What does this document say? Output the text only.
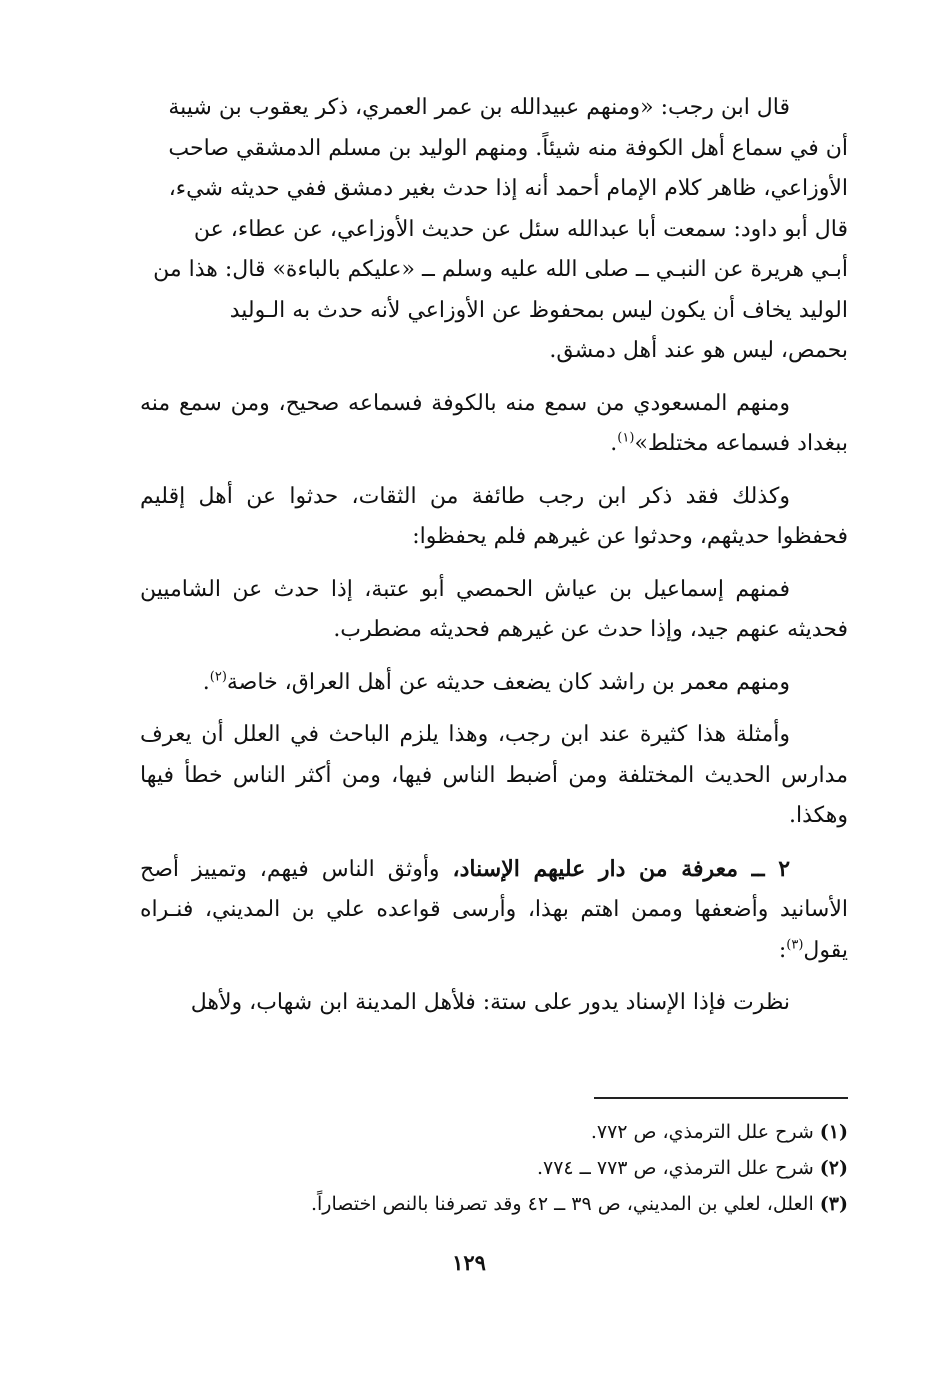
قال ابن رجب: «ومنهم عبيدالله بن عمر العمري، ذكر يعقوب بن شيبة
أن في سماع أهل الكوفة منه شيئاً. ومنهم الوليد بن مسلم الدمشقي صاحب
الأوزاعي، ظاهر كلام الإمام أحمد أنه إذا حدث بغير دمشق ففي حديثه شيء،
قال أبو داود: سمعت أبا عبدالله سئل عن حديث الأوزاعي، عن عطاء، عن
أبـي هريرة عن النبـي ــ صلى الله عليه وسلم ــ «عليكم بالباءة» قال: هذا من
الوليد يخاف أن يكون ليس بمحفوظ عن الأوزاعي لأنه حدث به الـوليد
بحمص، ليس هو عند أهل دمشق.

ومنهم المسعودي من سمع منه بالكوفة فسماعه صحيح، ومن سمع منه ببغداد فسماعه مختلط»$^{(١)}$.

وكذلك فقد ذكر ابن رجب طائفة من الثقات، حدثوا عن أهل إقليم فحفظوا حديثهم، وحدثوا عن غيرهم فلم يحفظوا:

فمنهم إسماعيل بن عياش الحمصي أبو عتبة، إذا حدث عن الشاميين فحديثه عنهم جيد، وإذا حدث عن غيرهم فحديثه مضطرب.

ومنهم معمر بن راشد كان يضعف حديثه عن أهل العراق، خاصة$^{(٢)}$.

وأمثلة هذا كثيرة عند ابن رجب، وهذا يلزم الباحث في العلل أن يعرف مدارس الحديث المختلفة ومن أضبط الناس فيها، ومن أكثر الناس خطأ فيها وهكذا.

٢ ــ معرفة من دار عليهم الإسناد، وأوثق الناس فيهم، وتمييز أصح الأسانيد وأضعفها وممن اهتم بهذا، وأرسى قواعده علي بن المديني، فنـراه يقول$^{(٣)}$:

نظرت فإذا الإسناد يدور على ستة: فلأهل المدينة ابن شهاب، ولأهل

(١) شرح علل الترمذي، ص ٧٧٢.

(٢) شرح علل الترمذي، ص ٧٧٣ ــ ٧٧٤.

(٣) العلل، لعلي بن المديني، ص ٣٩ ــ ٤٢ وقد تصرفنا بالنص اختصاراً.

١٢٩
